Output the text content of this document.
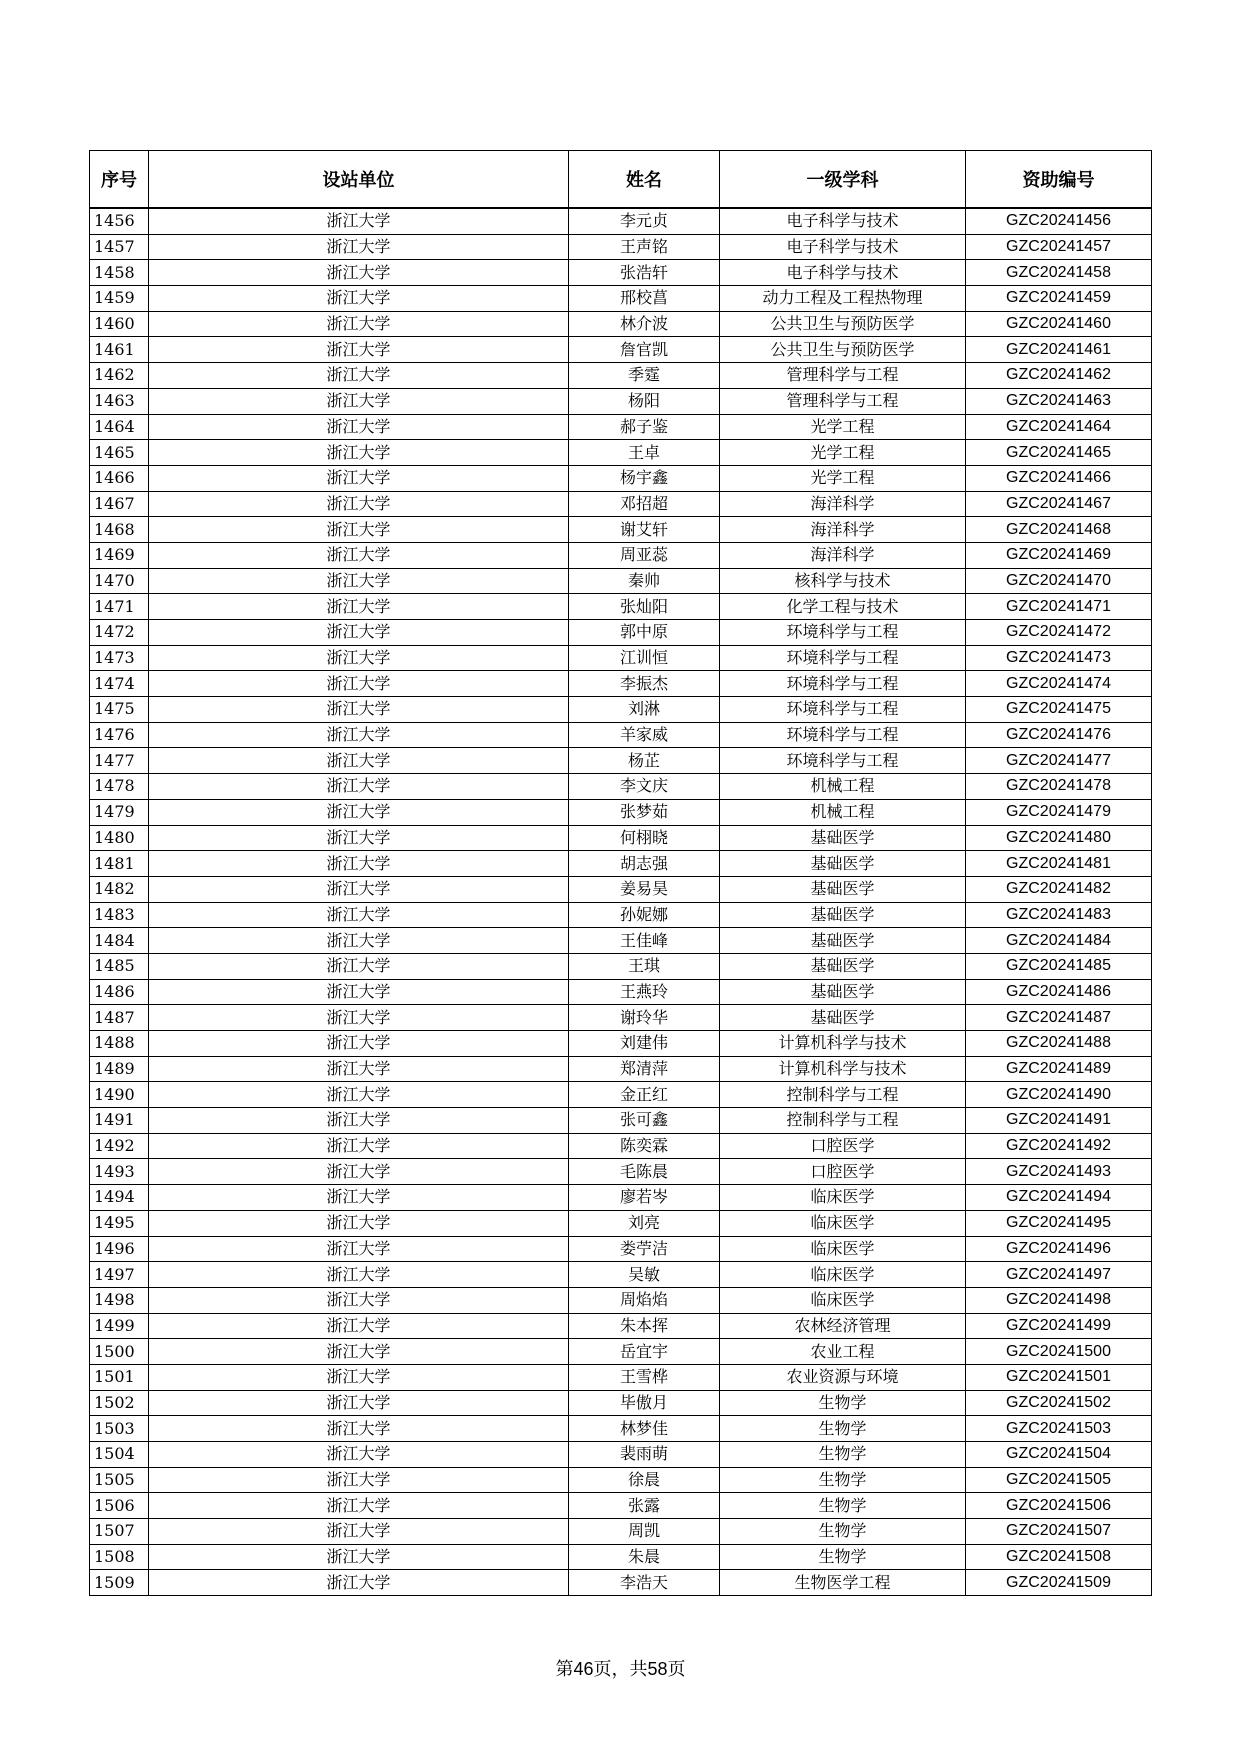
序号	设站单位	姓名	一级学科	资助编号
1456	浙江大学	李元贞	电子科学与技术	GZC20241456
1457	浙江大学	王声铭	电子科学与技术	GZC20241457
1458	浙江大学	张浩轩	电子科学与技术	GZC20241458
1459	浙江大学	邢校菖	动力工程及工程热物理	GZC20241459
1460	浙江大学	林介波	公共卫生与预防医学	GZC20241460
1461	浙江大学	詹官凯	公共卫生与预防医学	GZC20241461
1462	浙江大学	季霆	管理科学与工程	GZC20241462
1463	浙江大学	杨阳	管理科学与工程	GZC20241463
1464	浙江大学	郝子鉴	光学工程	GZC20241464
1465	浙江大学	王卓	光学工程	GZC20241465
1466	浙江大学	杨宇鑫	光学工程	GZC20241466
1467	浙江大学	邓招超	海洋科学	GZC20241467
1468	浙江大学	谢艾轩	海洋科学	GZC20241468
1469	浙江大学	周亚蕊	海洋科学	GZC20241469
1470	浙江大学	秦帅	核科学与技术	GZC20241470
1471	浙江大学	张灿阳	化学工程与技术	GZC20241471
1472	浙江大学	郭中原	环境科学与工程	GZC20241472
1473	浙江大学	江训恒	环境科学与工程	GZC20241473
1474	浙江大学	李振杰	环境科学与工程	GZC20241474
1475	浙江大学	刘淋	环境科学与工程	GZC20241475
1476	浙江大学	羊家威	环境科学与工程	GZC20241476
1477	浙江大学	杨芷	环境科学与工程	GZC20241477
1478	浙江大学	李文庆	机械工程	GZC20241478
1479	浙江大学	张梦茹	机械工程	GZC20241479
1480	浙江大学	何栩晓	基础医学	GZC20241480
1481	浙江大学	胡志强	基础医学	GZC20241481
1482	浙江大学	姜易昊	基础医学	GZC20241482
1483	浙江大学	孙妮娜	基础医学	GZC20241483
1484	浙江大学	王佳峰	基础医学	GZC20241484
1485	浙江大学	王琪	基础医学	GZC20241485
1486	浙江大学	王燕玲	基础医学	GZC20241486
1487	浙江大学	谢玲华	基础医学	GZC20241487
1488	浙江大学	刘建伟	计算机科学与技术	GZC20241488
1489	浙江大学	郑清萍	计算机科学与技术	GZC20241489
1490	浙江大学	金正红	控制科学与工程	GZC20241490
1491	浙江大学	张可鑫	控制科学与工程	GZC20241491
1492	浙江大学	陈奕霖	口腔医学	GZC20241492
1493	浙江大学	毛陈晨	口腔医学	GZC20241493
1494	浙江大学	廖若岑	临床医学	GZC20241494
1495	浙江大学	刘亮	临床医学	GZC20241495
1496	浙江大学	娄苧洁	临床医学	GZC20241496
1497	浙江大学	吴敏	临床医学	GZC20241497
1498	浙江大学	周焰焰	临床医学	GZC20241498
1499	浙江大学	朱本挥	农林经济管理	GZC20241499
1500	浙江大学	岳宜宇	农业工程	GZC20241500
1501	浙江大学	王雪桦	农业资源与环境	GZC20241501
1502	浙江大学	毕傲月	生物学	GZC20241502
1503	浙江大学	林梦佳	生物学	GZC20241503
1504	浙江大学	裴雨萌	生物学	GZC20241504
1505	浙江大学	徐晨	生物学	GZC20241505
1506	浙江大学	张露	生物学	GZC20241506
1507	浙江大学	周凯	生物学	GZC20241507
1508	浙江大学	朱晨	生物学	GZC20241508
1509	浙江大学	李浩天	生物医学工程	GZC20241509
第46页，共58页
